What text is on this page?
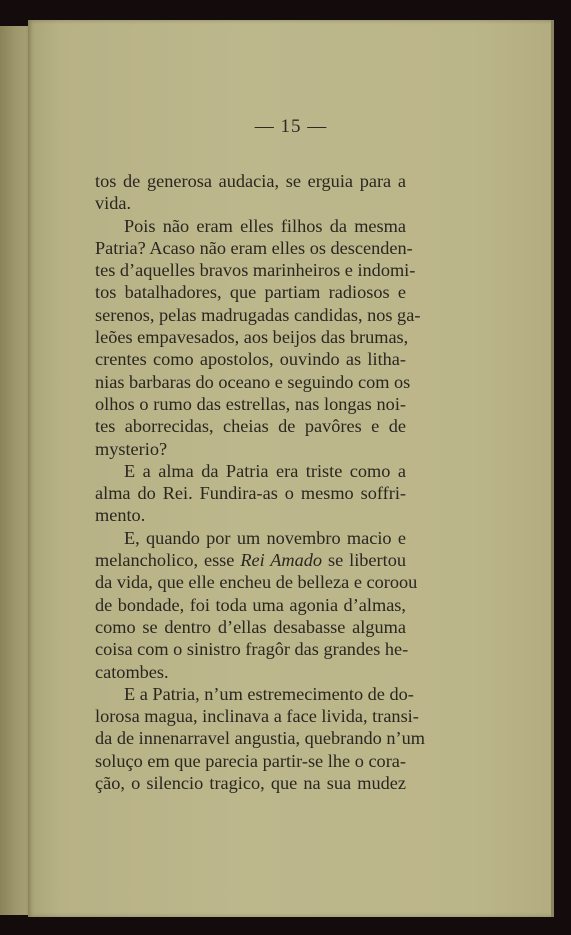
— 15 —
tos de generosa audacia, se erguia para a
vida.
Pois não eram elles filhos da mesma
Patria? Acaso não eram elles os descenden-
tes d’aquelles bravos marinheiros e indomi-
tos batalhadores, que partiam radiosos e
serenos, pelas madrugadas candidas, nos ga-
leões empavesados, aos beijos das brumas,
crentes como apostolos, ouvindo as litha-
nias barbaras do oceano e seguindo com os
olhos o rumo das estrellas, nas longas noi-
tes aborrecidas, cheias de pavôres e de
mysterio?
E a alma da Patria era triste como a
alma do Rei. Fundira-as o mesmo soffri-
mento.
E, quando por um novembro macio e
melancholico, esse Rei Amado se libertou
da vida, que elle encheu de belleza e coroou
de bondade, foi toda uma agonia d’almas,
como se dentro d’ellas desabasse alguma
coisa com o sinistro fragôr das grandes he-
catombes.
E a Patria, n’um estremecimento de do-
lorosa magua, inclinava a face livida, transi-
da de innenarravel angustia, quebrando n’um
soluço em que parecia partir-se lhe o cora-
ção, o silencio tragico, que na sua mudez
